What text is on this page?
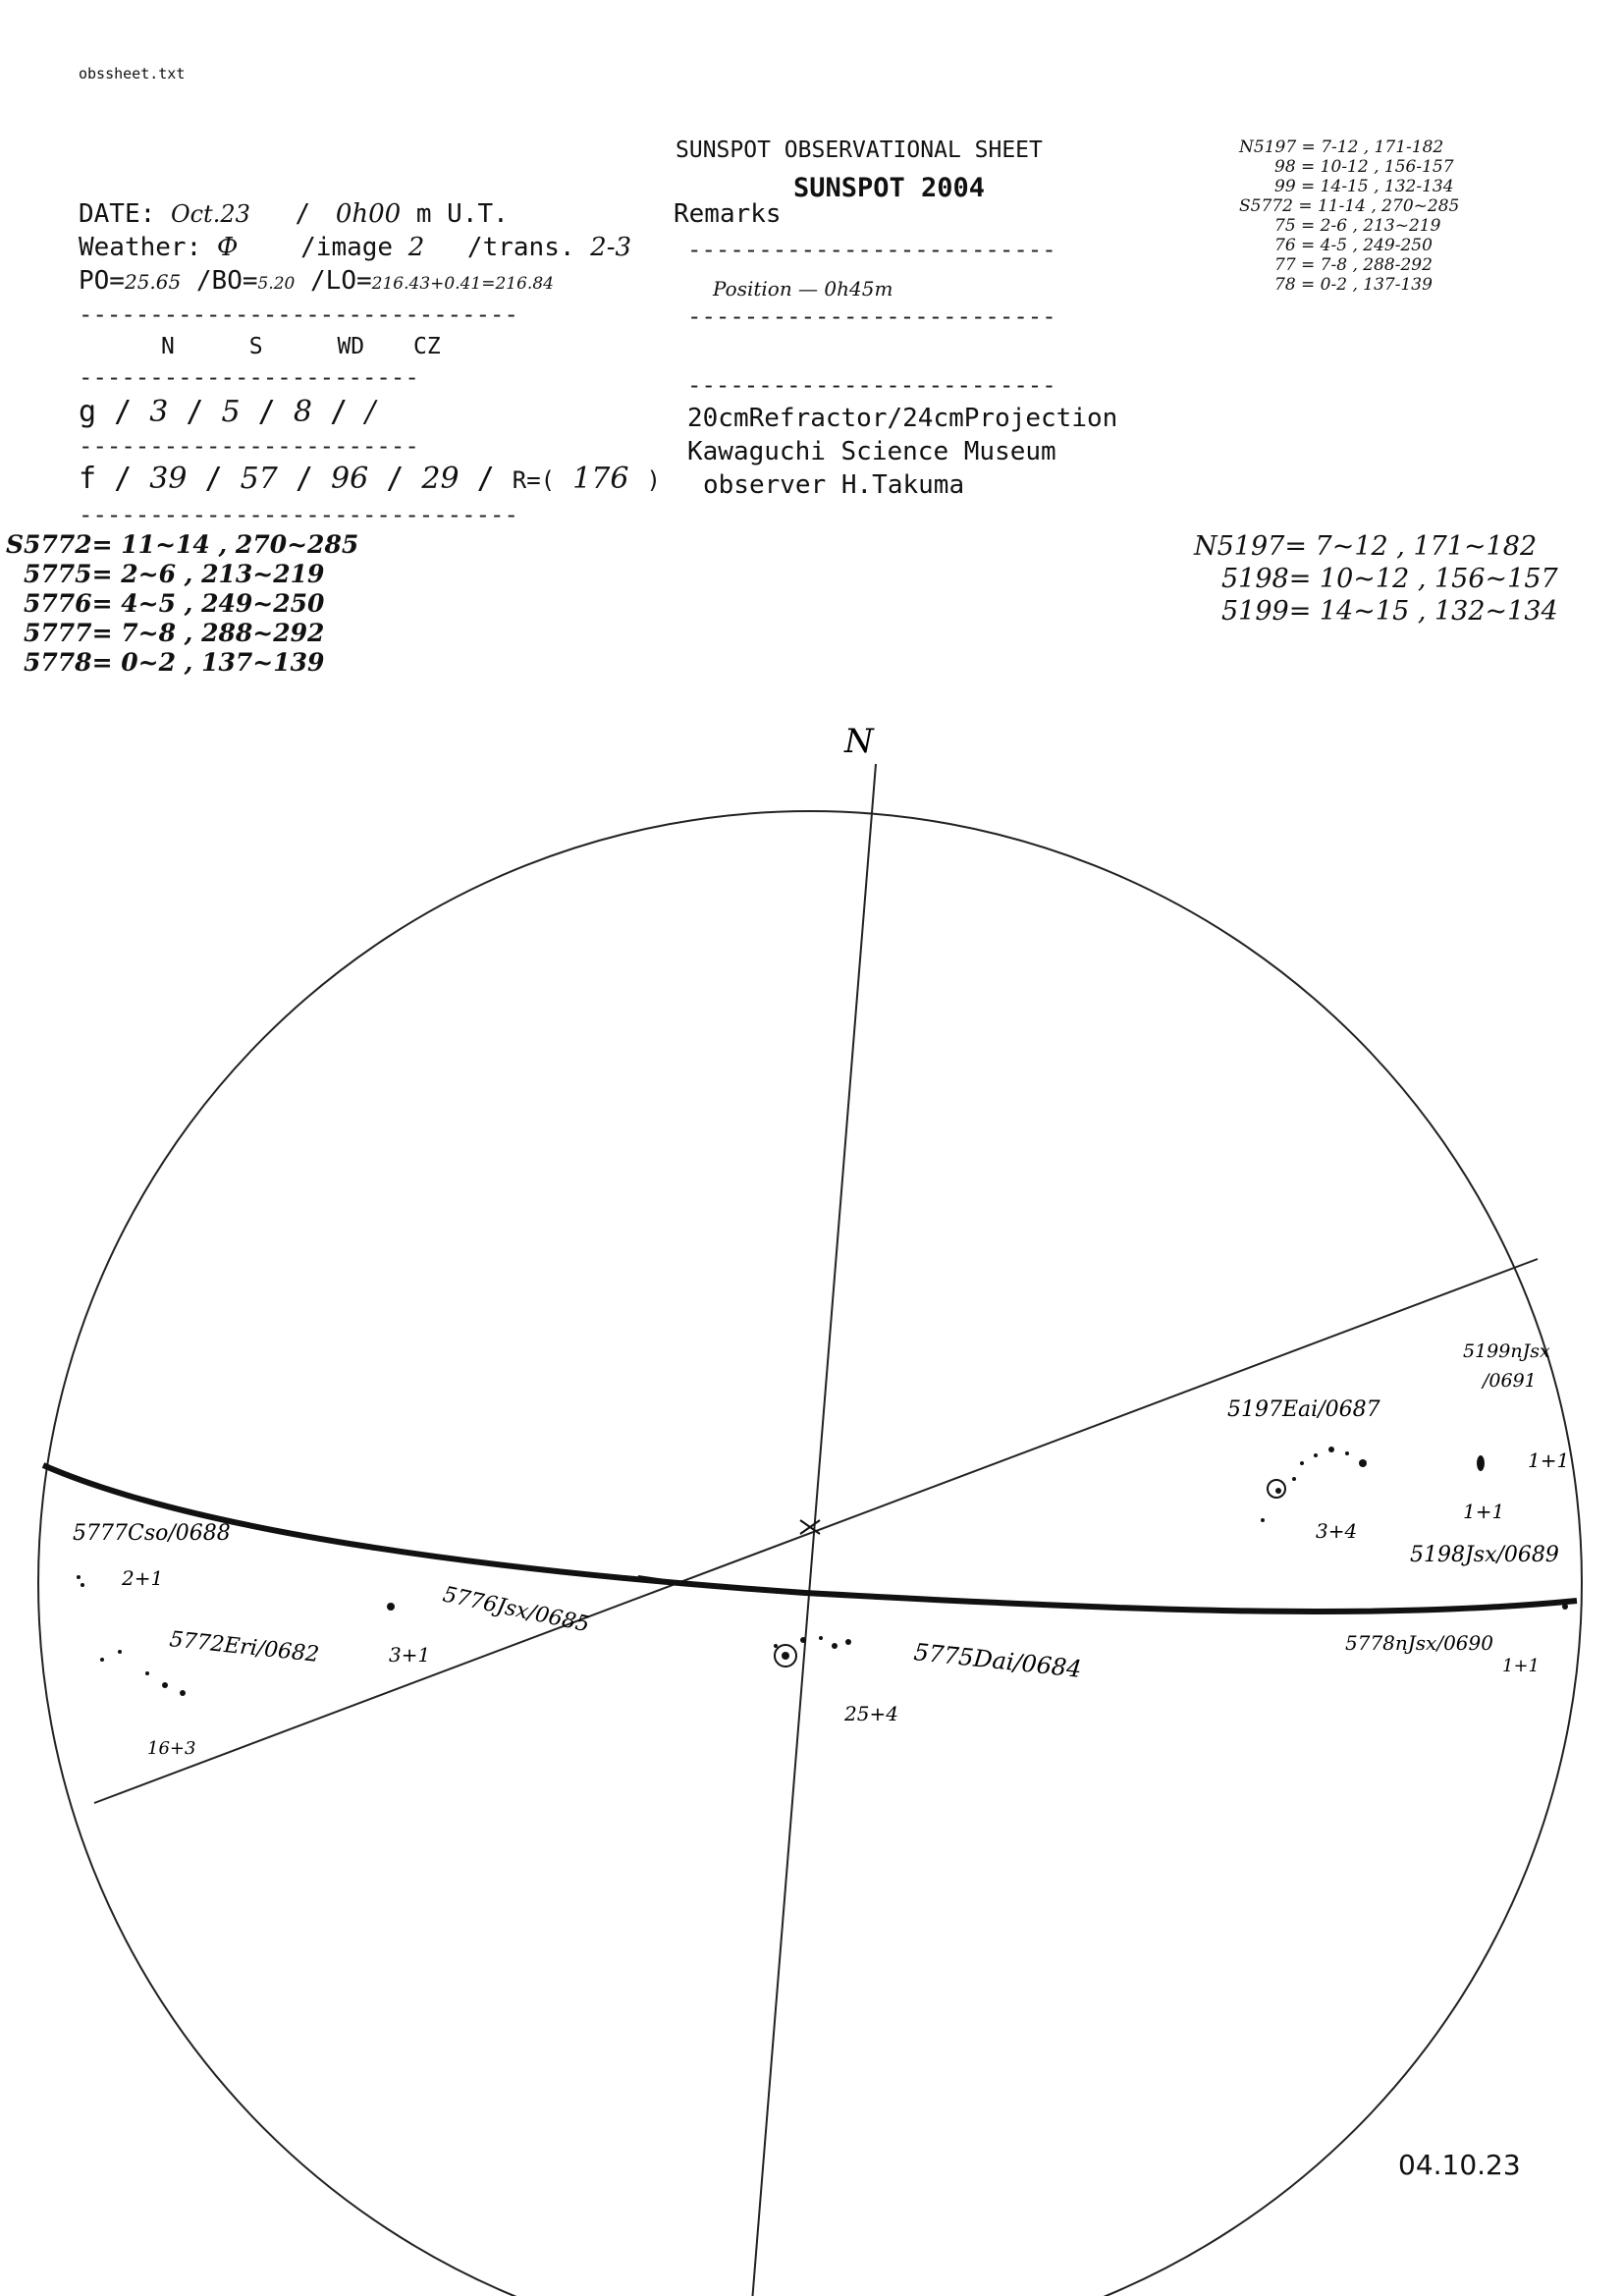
obssheet.txt
SUNSPOT OBSERVATIONAL SHEET
SUNSPOT 2004
DATE: Oct.23 / 0h00 m U.T.
Weather: Ф /image 2 /trans. 2-3
PO=25.65 /BO=5.20 /LO=216.43+0.41=216.84
-------------------------------
N	S	WD CZ
------------------------
g / 3 / 5 / 8 / /
------------------------
f / 39 / 57 / 96 / 29 / R=( 176 )
-------------------------------
Remarks
--------------------------
Position — 0h45m
--------------------------
--------------------------
20cmRefractor/24cmProjection
Kawaguchi Science Museum
observer H.Takuma
N5197 = 7-12 , 171-182
98 = 10-12 , 156-157
99 = 14-15 , 132-134
S5772 = 11-14 , 270~285
75 = 2-6 , 213~219
76 = 4-5 , 249-250
77 = 7-8 , 288-292
78 = 0-2 , 137-139
S5772= 11~14 , 270~285
5775= 2~6 , 213~219
5776= 4~5 , 249~250
5777= 7~8 , 288~292
5778= 0~2 , 137~139
N5197= 7~12 , 171~182
5198= 10~12 , 156~157
5199= 14~15 , 132~134
N
5199nJsx
/0691
5197Eai/0687
3+4
5198Jsx/0689
1+1
1+1
5777Cso/0688
2+1
5776Jsx/0685
3+1
5772Eri/0682
16+3
5775Dai/0684
25+4
5778nJsx/0690
1+1
04.10.23
